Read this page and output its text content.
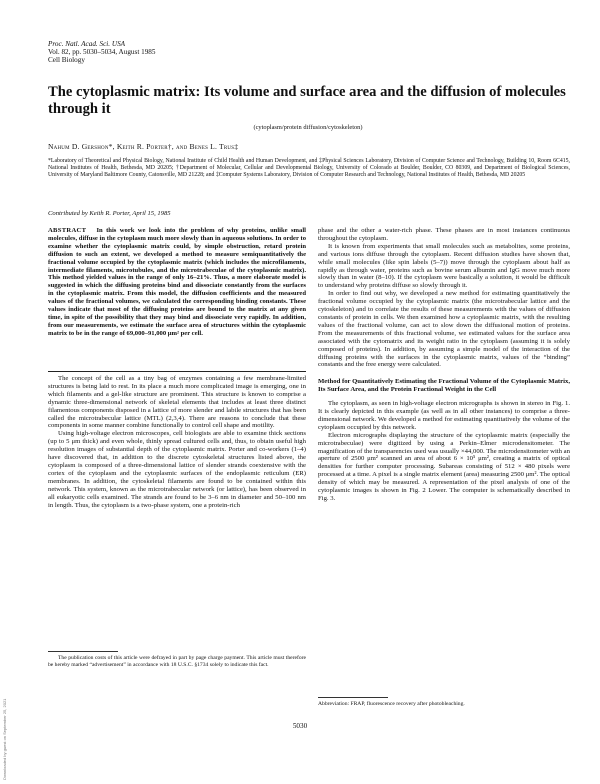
Proc. Natl. Acad. Sci. USA
Vol. 82, pp. 5030–5034, August 1985
Cell Biology
The cytoplasmic matrix: Its volume and surface area and the diffusion of molecules through it
(cytoplasm/protein diffusion/cytoskeleton)
Nahum D. Gershon*, Keith R. Porter†, and Benes L. Trus‡
*Laboratory of Theoretical and Physical Biology, National Institute of Child Health and Human Development, and ‡Physical Sciences Laboratory, Division of Computer Science and Technology, Building 10, Room 6C415, National Institutes of Health, Bethesda, MD 20205; †Department of Molecular, Cellular and Developmental Biology, University of Colorado at Boulder, Boulder, CO 80309, and Department of Biological Sciences, University of Maryland Baltimore County, Catonsville, MD 21228; and ‡Computer Systems Laboratory, Division of Computer Research and Technology, National Institutes of Health, Bethesda, MD 20205
Contributed by Keith R. Porter, April 15, 1985
ABSTRACT In this work we look into the problem of why proteins, unlike small molecules, diffuse in the cytoplasm much more slowly than in aqueous solutions. In order to examine whether the cytoplasmic matrix could, by simple obstruction, retard protein diffusion to such an extent, we developed a method to measure semiquantitatively the fractional volume occupied by the cytoplasmic matrix (which includes the microfilaments, intermediate filaments, microtubules, and the microtrabeculae of the cytoplasmic matrix). This method yielded values in the range of only 16–21%. Thus, a more elaborate model is suggested in which the diffusing proteins bind and dissociate constantly from the surfaces in the cytoplasmic matrix. From this model, the diffusion coefficients and the measured values of the fractional volumes, we calculated the corresponding binding constants. These values indicate that most of the diffusing proteins are bound to the matrix at any given time, in spite of the possibility that they may bind and dissociate very rapidly. In addition, from our measurements, we estimate the surface area of structures within the cytoplasmic matrix to be in the range of 69,000–91,000 μm² per cell.

The concept of the cell as a tiny bag of enzymes containing a few membrane-limited structures is being laid to rest. In its place a much more complicated image is emerging, one in which filaments and a gel-like structure are prominent. This structure is known to comprise a dynamic three-dimensional network of skeletal elements that includes at least three distinct filamentous components disposed in a lattice of more slender and labile structures that has been called the microtrabecular lattice (MTL) (2,3,4). There are reasons to conclude that these components in some manner combine functionally to control cell shape and motility.

Using high-voltage electron microscopes, cell biologists are able to examine thick sections (up to 5 μm thick) and even whole, thinly spread cultured cells and, thus, to obtain useful high resolution images of substantial depth of the cytoplasmic matrix. Porter and co-workers (1–4) have discovered that, in addition to the discrete cytoskeletal structures listed above, the cytoplasm is composed of a three-dimensional lattice of slender strands coextensive with the cortex of the cytoplasm and the cytoplasmic surfaces of the endoplasmic reticulum (ER) membranes. In addition, the cytoskeletal filaments are found to be contained within this network. This system, known as the microtrabecular network (or lattice), has been observed in all eukaryotic cells examined. The strands are found to be 3–6 nm in diameter and 50–100 nm in length. Thus, the cytoplasm is a two-phase system, one a protein-rich

The publication costs of this article were defrayed in part by page charge payment. This article must therefore be hereby marked “advertisement” in accordance with 18 U.S.C. §1734 solely to indicate this fact.

phase and the other a water-rich phase. These phases are in most instances continuous throughout the cytoplasm.

It is known from experiments that small molecules such as metabolites, some proteins, and various ions diffuse through the cytoplasm. Recent diffusion studies have shown that, while small molecules (like spin labels (5–7)) move through the cytoplasm about half as rapidly as through water, proteins such as bovine serum albumin and IgG move much more slowly than in water (8–10). If the cytoplasm were basically a solution, it would be difficult to understand why proteins diffuse so slowly through it.

In order to find out why, we developed a new method for estimating quantitatively the fractional volume occupied by the cytoplasmic matrix (the microtrabecular lattice and the cytoskeleton) and to correlate the results of these measurements with the values of diffusion constants of protein in cells. We then examined how a cytoplasmic matrix, with the resulting values of the fractional volume, can act to slow down the diffusional motion of proteins. From the measurements of this fractional volume, we estimated values for the surface area associated with the cytomatrix and its weight ratio in the cytoplasm (assuming it is solely composed of proteins). In addition, by assuming a simple model of the interaction of the diffusing proteins with the surfaces in the cytoplasmic matrix, values of the “binding” constants and the free energy were calculated.

Method for Quantitatively Estimating the Fractional Volume of the Cytoplasmic Matrix, Its Surface Area, and the Protein Fractional Weight in the Cell

The cytoplasm, as seen in high-voltage electron micrographs is shown in stereo in Fig. 1. It is clearly depicted in this example (as well as in all other instances) to comprise a three-dimensional network. We developed a method for estimating quantitatively the volume of the cytoplasm occupied by this network.

Electron micrographs displaying the structure of the cytoplasmic matrix (especially the microtrabeculae) were digitized by using a Perkin–Elmer microdensitometer. The magnification of the transparencies used was usually ×44,000. The microdensitometer with an aperture of 2500 μm² scanned an area of about 6 × 10⁵ μm², creating a matrix of optical densities for further computer processing. Subareas consisting of 512 × 480 pixels were processed at a time. A pixel is a single matrix element (area) measuring 2500 μm². The optical density of which may be measured. A representation of the pixel analysis of one of the cytoplasmic images is shown in Fig. 2 Lower. The computer is schematically described in Fig. 3.

Abbreviation: FRAP, fluorescence recovery after photobleaching.
5030
Downloaded by guest on September 25, 2021
